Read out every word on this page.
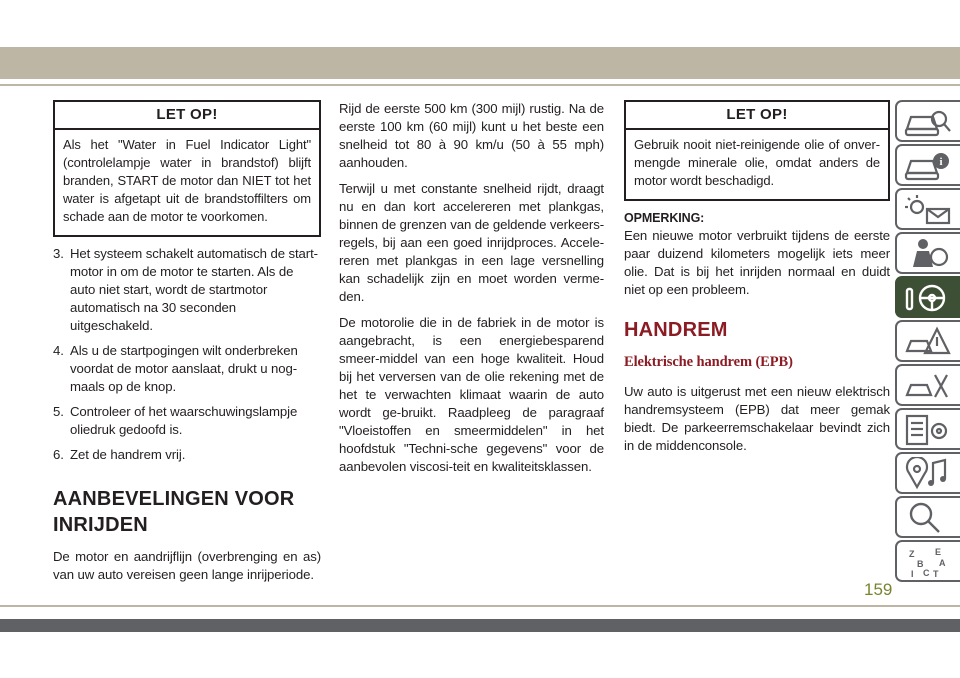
LET OP!
Als het "Water in Fuel Indicator Light" (controlelampje water in brandstof) blijft branden, START de motor dan NIET tot het water is afgetapt uit de brandstoffilters om schade aan de motor te voorkomen.
3. Het systeem schakelt automatisch de start-motor in om de motor te starten. Als de auto niet start, wordt de startmotor automatisch na 30 seconden uitgeschakeld.
4. Als u de startpogingen wilt onderbreken voordat de motor aanslaat, drukt u nog-maals op de knop.
5. Controleer of het waarschuwingslampje oliedruk gedoofd is.
6. Zet de handrem vrij.
AANBEVELINGEN VOOR INRIJDEN
De motor en aandrijflijn (overbrenging en as) van uw auto vereisen geen lange inrijperiode.
Rijd de eerste 500 km (300 mijl) rustig. Na de eerste 100 km (60 mijl) kunt u het beste een snelheid tot 80 à 90 km/u (50 à 55 mph) aanhouden.
Terwijl u met constante snelheid rijdt, draagt nu en dan kort accelereren met plankgas, binnen de grenzen van de geldende verkeers-regels, bij aan een goed inrijdproces. Accele-reren met plankgas in een lage versnelling kan schadelijk zijn en moet worden verme-den.
De motorolie die in de fabriek in de motor is aangebracht, is een energiebesparend smeer-middel van een hoge kwaliteit. Houd bij het verversen van de olie rekening met de het te verwachten klimaat waarin de auto wordt ge-bruikt. Raadpleeg de paragraaf "Vloeistoffen en smeermiddelen" in het hoofdstuk "Techni-sche gegevens" voor de aanbevolen viscosi-teit en kwaliteitsklassen.
LET OP!
Gebruik nooit niet-reinigende olie of onver-mengde minerale olie, omdat anders de motor wordt beschadigd.
OPMERKING:
Een nieuwe motor verbruikt tijdens de eerste paar duizend kilometers mogelijk iets meer olie. Dat is bij het inrijden normaal en duidt niet op een probleem.
HANDREM
Elektrische handrem (EPB)
Uw auto is uitgerust met een nieuw elektrisch handremsysteem (EPB) dat meer gemak biedt. De parkeerremschakelaar bevindt zich in de middenconsole.
i
Z E
B A
I C T
159
